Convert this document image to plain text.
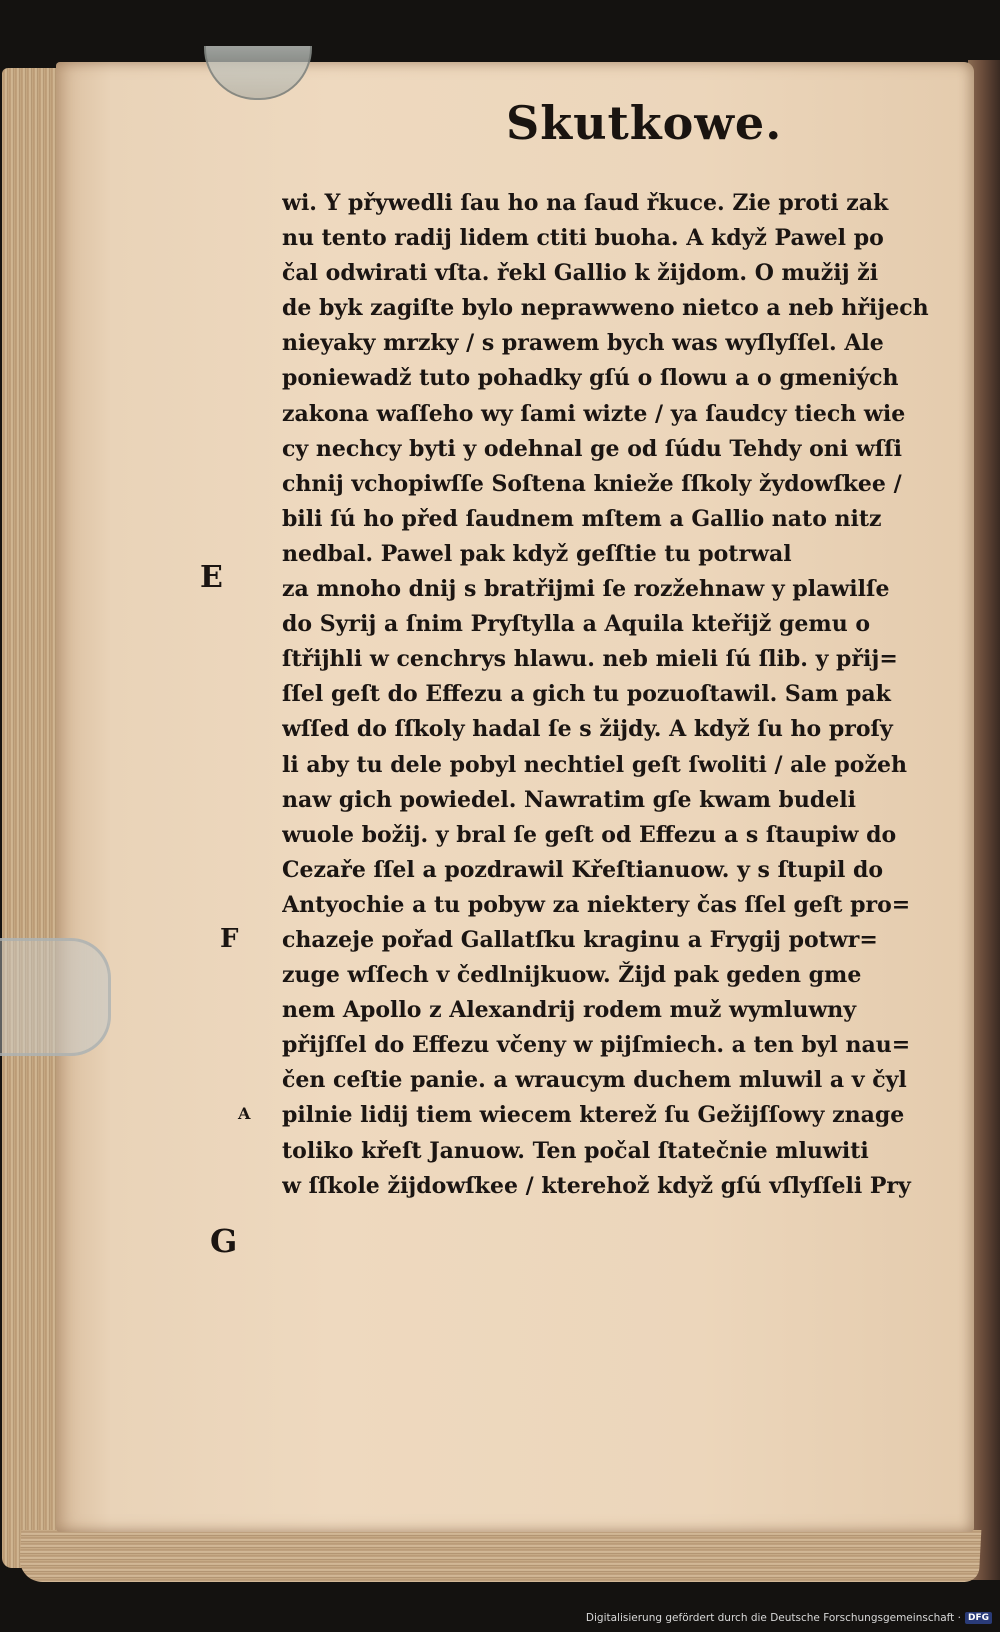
Skutkowe.
E
F
A
G
wi. Y přywedli ſau ho na ſaud řkuce. Zie proti zak
nu tento radij lidem ctiti buoha. A když Pawel po
čal odwirati vſta. řekl Gallio k žijdom. O mužij ži
de byk zagiſte bylo neprawweno nietco a neb hřijech
nieyaky mrzky / s prawem bych was wyſlyſſel. Ale
poniewadž tuto pohadky gſú o ſlowu a o gmeniých
zakona waſſeho wy ſami wizte / ya ſaudcy tiech wie
cy nechcy byti y odehnal ge od ſúdu Tehdy oni wſſi
chnij vchopiwſſe Soſtena knieže ſſkoly žydowſkee /
bili ſú ho před ſaudnem mſtem a Gallio nato nitz
nedbal. Pawel pak když geſſtie tu potrwal
za mnoho dnij s bratřijmi ſe rozžehnaw y plawilſe
do Syrij a ſnim Pryſtylla a Aquila kteřijž gemu o
ſtřijhli w cenchrys hlawu. neb mieli ſú ſlib. y přij=
ſſel geſt do Effezu a gich tu pozuoſtawil. Sam pak
wſſed do ſſkoly hadal ſe s žijdy. A když ſu ho proſy
li aby tu dele pobyl nechtiel geſt ſwoliti / ale požeh
naw gich powiedel. Nawratim gſe kwam budeli
wuole božij. y bral ſe geſt od Effezu a s ſtaupiw do
Cezaře ſſel a pozdrawil Křeſtianuow. y s ſtupil do
Antyochie a tu pobyw za niektery čas ſſel geſt pro=
chazeje pořad Gallatſku kraginu a Frygij potwr=
zuge wſſech v čedlnijkuow. Žijd pak geden gme
nem Apollo z Alexandrij rodem muž wymluwny
přijſſel do Effezu včeny w pijſmiech. a ten byl nau=
čen ceſtie panie. a wraucym duchem mluwil a v čyl
pilnie lidij tiem wiecem kterež ſu Gežijſſowy znage
toliko křeſt Januow. Ten počal ſtatečnie mluwiti
w ſſkole žijdowſkee / kterehož když gſú vſlyſſeli Pry
Digitalisierung gefördert durch die Deutsche Forschungsgemeinschaft · DFG
